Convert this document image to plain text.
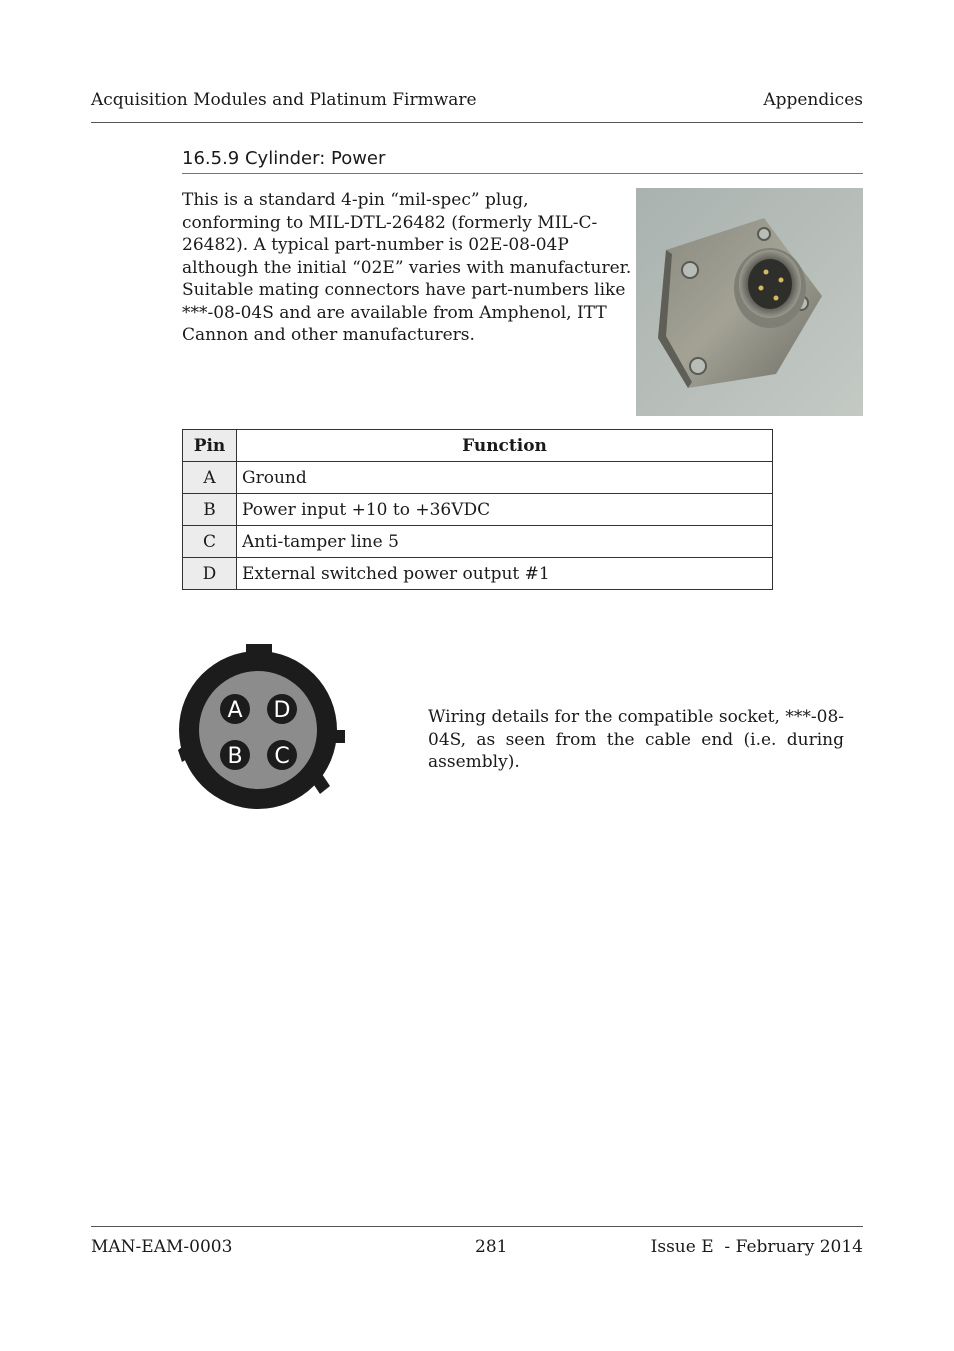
Acquisition Modules and Platinum Firmware	Appendices
16.5.9 Cylinder: Power

This is a standard 4-pin “mil-spec” plug, conforming to MIL-DTL-26482 (formerly MIL-C-26482). A typical part-number is 02E-08-04P although the initial “02E” varies with manufacturer.

Suitable mating connectors have part-numbers like ***-08-04S and are available from Amphenol, ITT Cannon and other manufacturers.

Pin	Function
A	Ground
B	Power input +10 to +36VDC
C	Anti-tamper line 5
D	External switched power output #1
A D
B C
Wiring details for the compatible socket, ***-08-04S, as seen from the cable end (i.e. during assembly).
MAN-EAM-0003	281	Issue E  - February 2014
